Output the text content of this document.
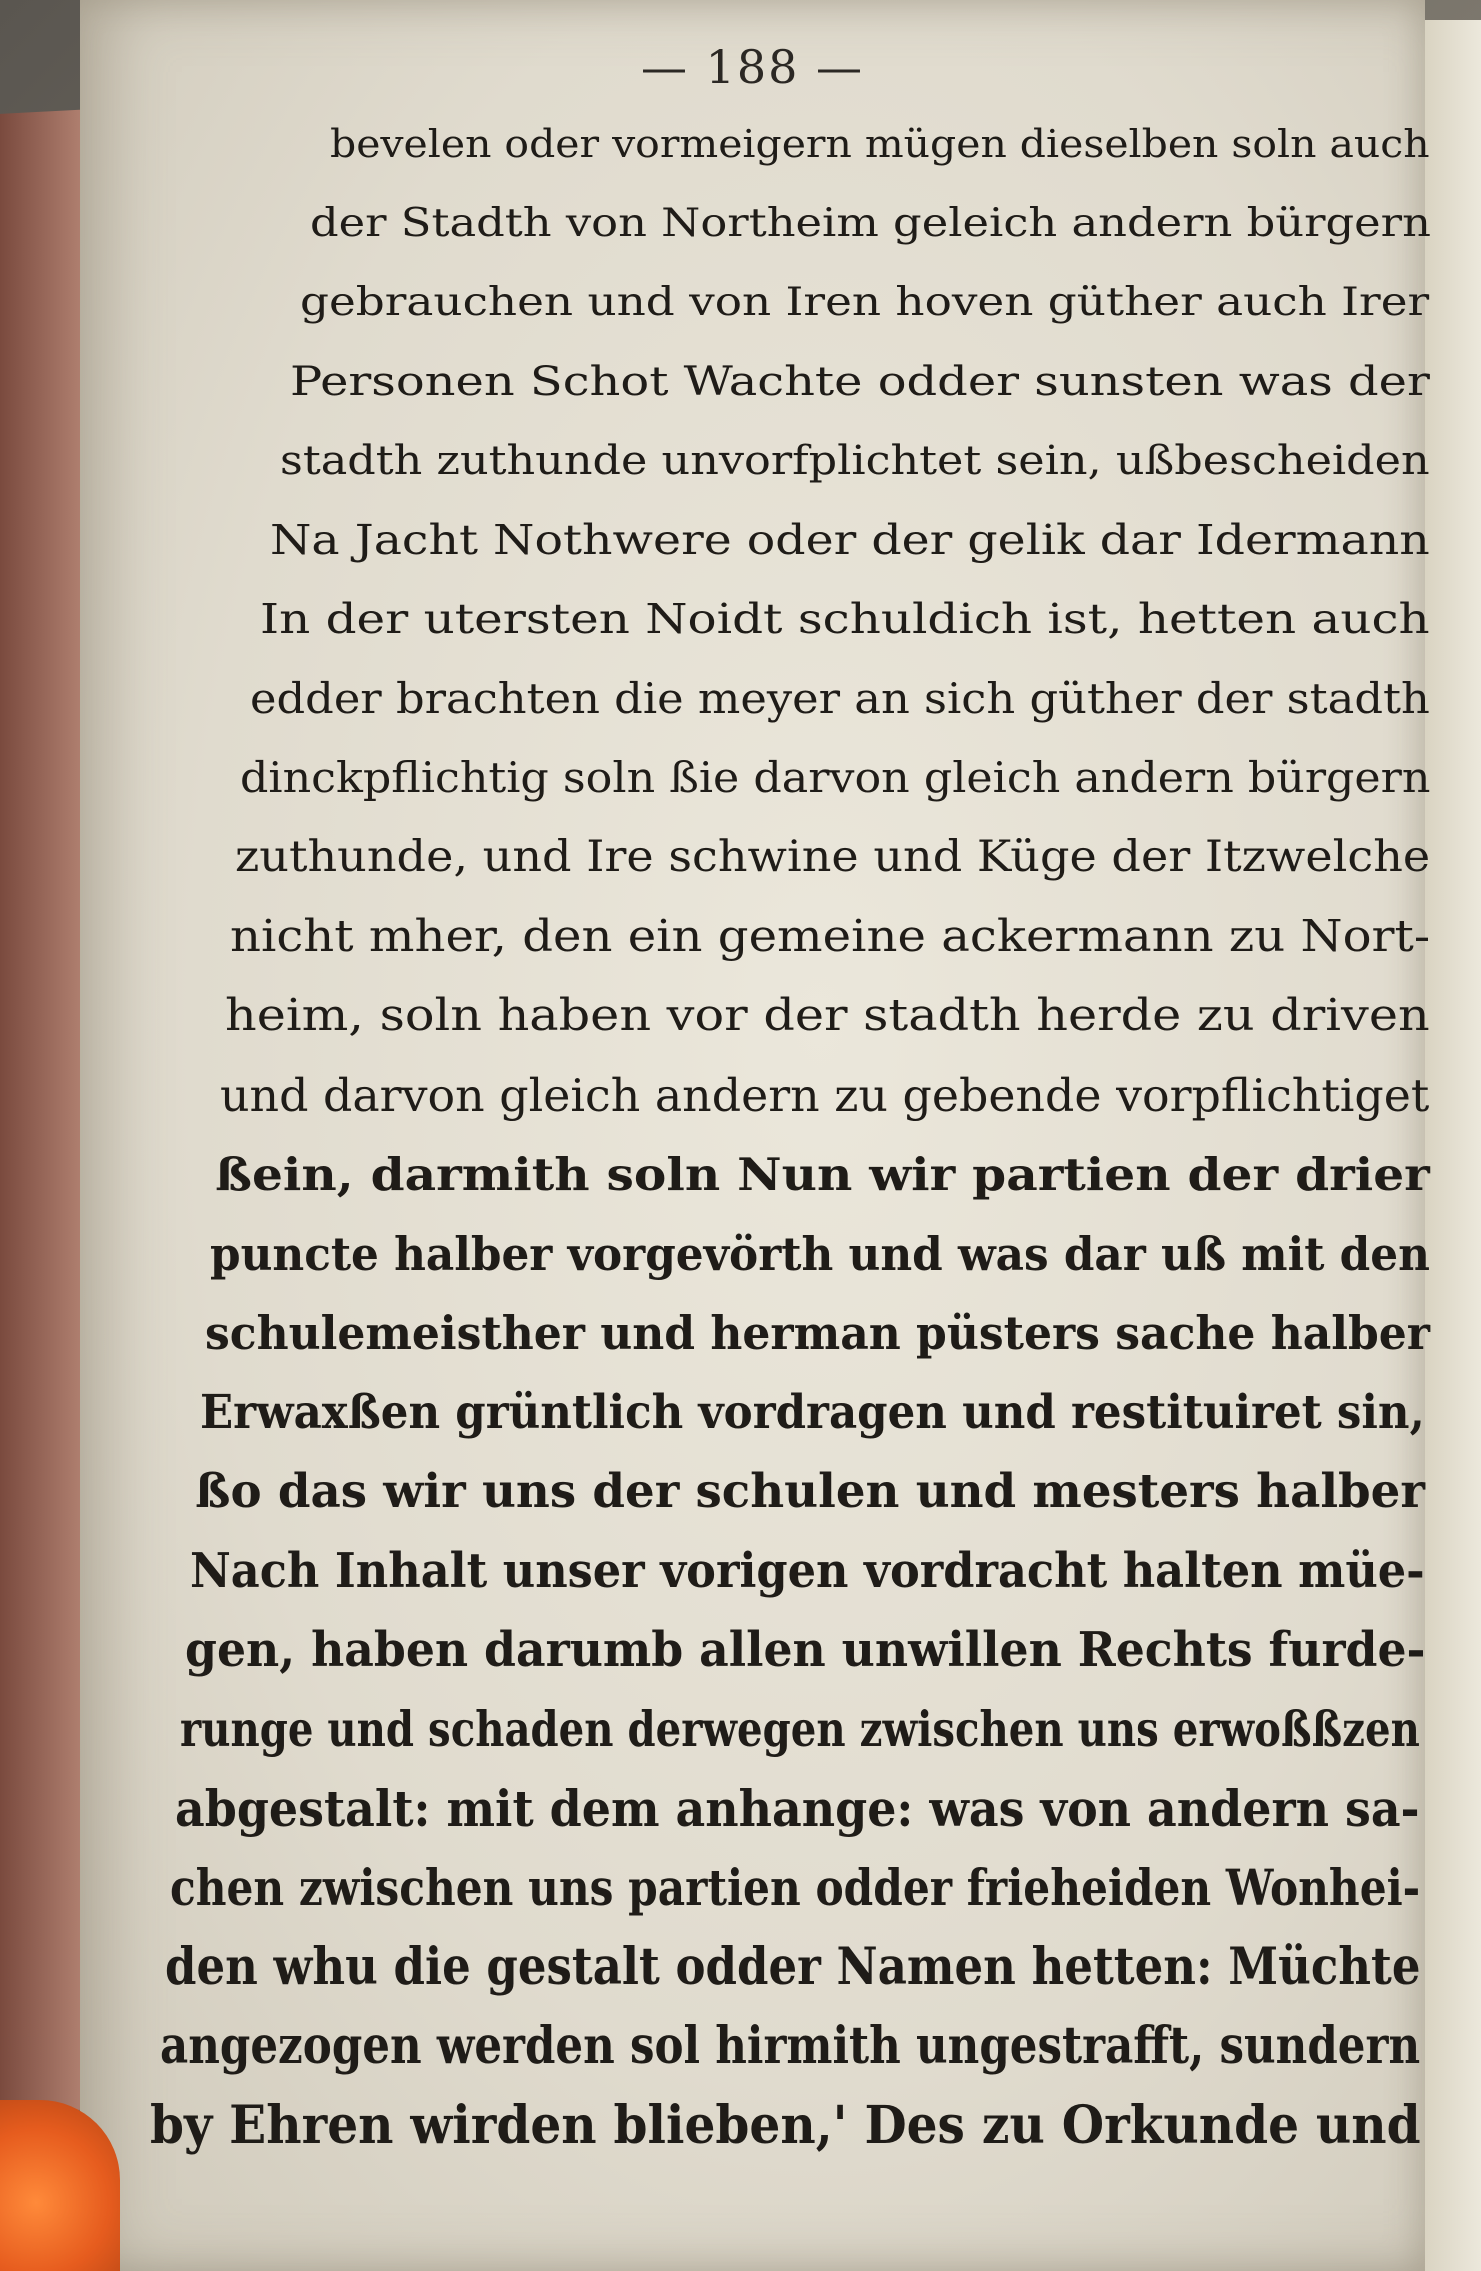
— 188 —
bevelen oder vormeigern mügen dieselben soln auch
der Stadth von Northeim geleich andern bürgern
gebrauchen und von Iren hoven güther auch Irer
Personen Schot Wachte odder sunsten was der
stadth zuthunde unvorfplichtet sein, ußbescheiden
Na Jacht Nothwere oder der gelik dar Idermann
In der utersten Noidt schuldich ist, hetten auch
edder brachten die meyer an sich güther der stadth
dinckpflichtig soln ßie darvon gleich andern bürgern
zuthunde, und Ire schwine und Küge der Itzwelche
nicht mher, den ein gemeine ackermann zu Nort-
heim, soln haben vor der stadth herde zu driven
und darvon gleich andern zu gebende vorpflichtiget
ßein, darmith soln Nun wir partien der drier
puncte halber vorgevörth und was dar uß mit den
schulemeisther und herman püsters sache halber
Erwaxßen grüntlich vordragen und restituiret sin,
ßo das wir uns der schulen und mesters halber
Nach Inhalt unser vorigen vordracht halten müe-
gen, haben darumb allen unwillen Rechts furde-
runge und schaden derwegen zwischen uns erwoßßzen
abgestalt: mit dem anhange: was von andern sa-
chen zwischen uns partien odder frieheiden Wonhei-
den whu die gestalt odder Namen hetten: Müchte
angezogen werden sol hirmith ungestrafft, sundern
by Ehren wirden blieben,' Des zu Orkunde und
